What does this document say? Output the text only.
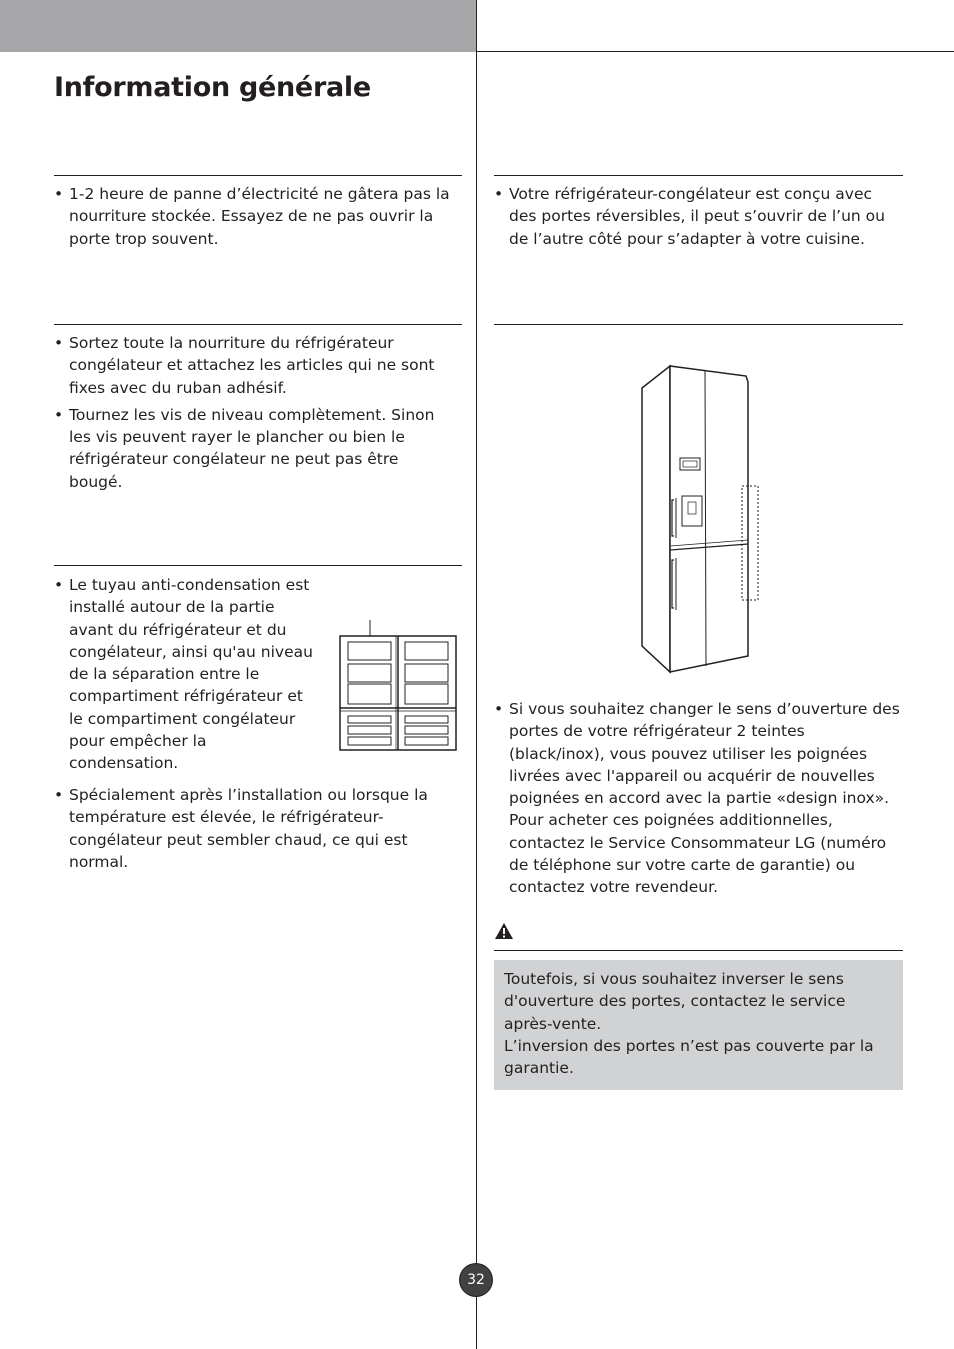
Information générale
• 1-2 heure de panne d’électricité ne gâtera pas la nourriture stockée. Essayez de ne pas ouvrir la porte trop souvent.
• Sortez toute la nourriture du réfrigérateur congélateur et attachez les articles qui ne sont fixes avec du ruban adhésif.
• Tournez les vis de niveau complètement. Sinon les vis peuvent rayer le plancher ou bien le réfrigérateur congélateur ne peut pas être bougé.
• Le tuyau anti-condensation est installé autour de la partie avant du réfrigérateur et du congélateur, ainsi qu'au niveau de la séparation entre le compartiment réfrigérateur et le compartiment congélateur pour empêcher la condensation.
• Spécialement après l’installation ou lorsque la température est élevée, le réfrigérateur-congélateur peut sembler chaud, ce qui est normal.
• Votre réfrigérateur-congélateur est conçu avec des portes réversibles, il peut s’ouvrir de l’un ou de l’autre côté pour s’adapter à votre cuisine.
• Si vous souhaitez changer le sens d’ouverture des portes de votre réfrigérateur 2 teintes (black/inox), vous pouvez utiliser les poignées livrées avec l'appareil ou acquérir de nouvelles poignées en accord avec la partie «design inox». Pour acheter ces poignées additionnelles, contactez le Service Consommateur LG (numéro de téléphone sur votre carte de garantie) ou contactez votre revendeur.

Toutefois, si vous souhaitez inverser le sens d'ouverture des portes, contactez le service après-vente.

L’inversion des portes n’est pas couverte par la garantie.

32
